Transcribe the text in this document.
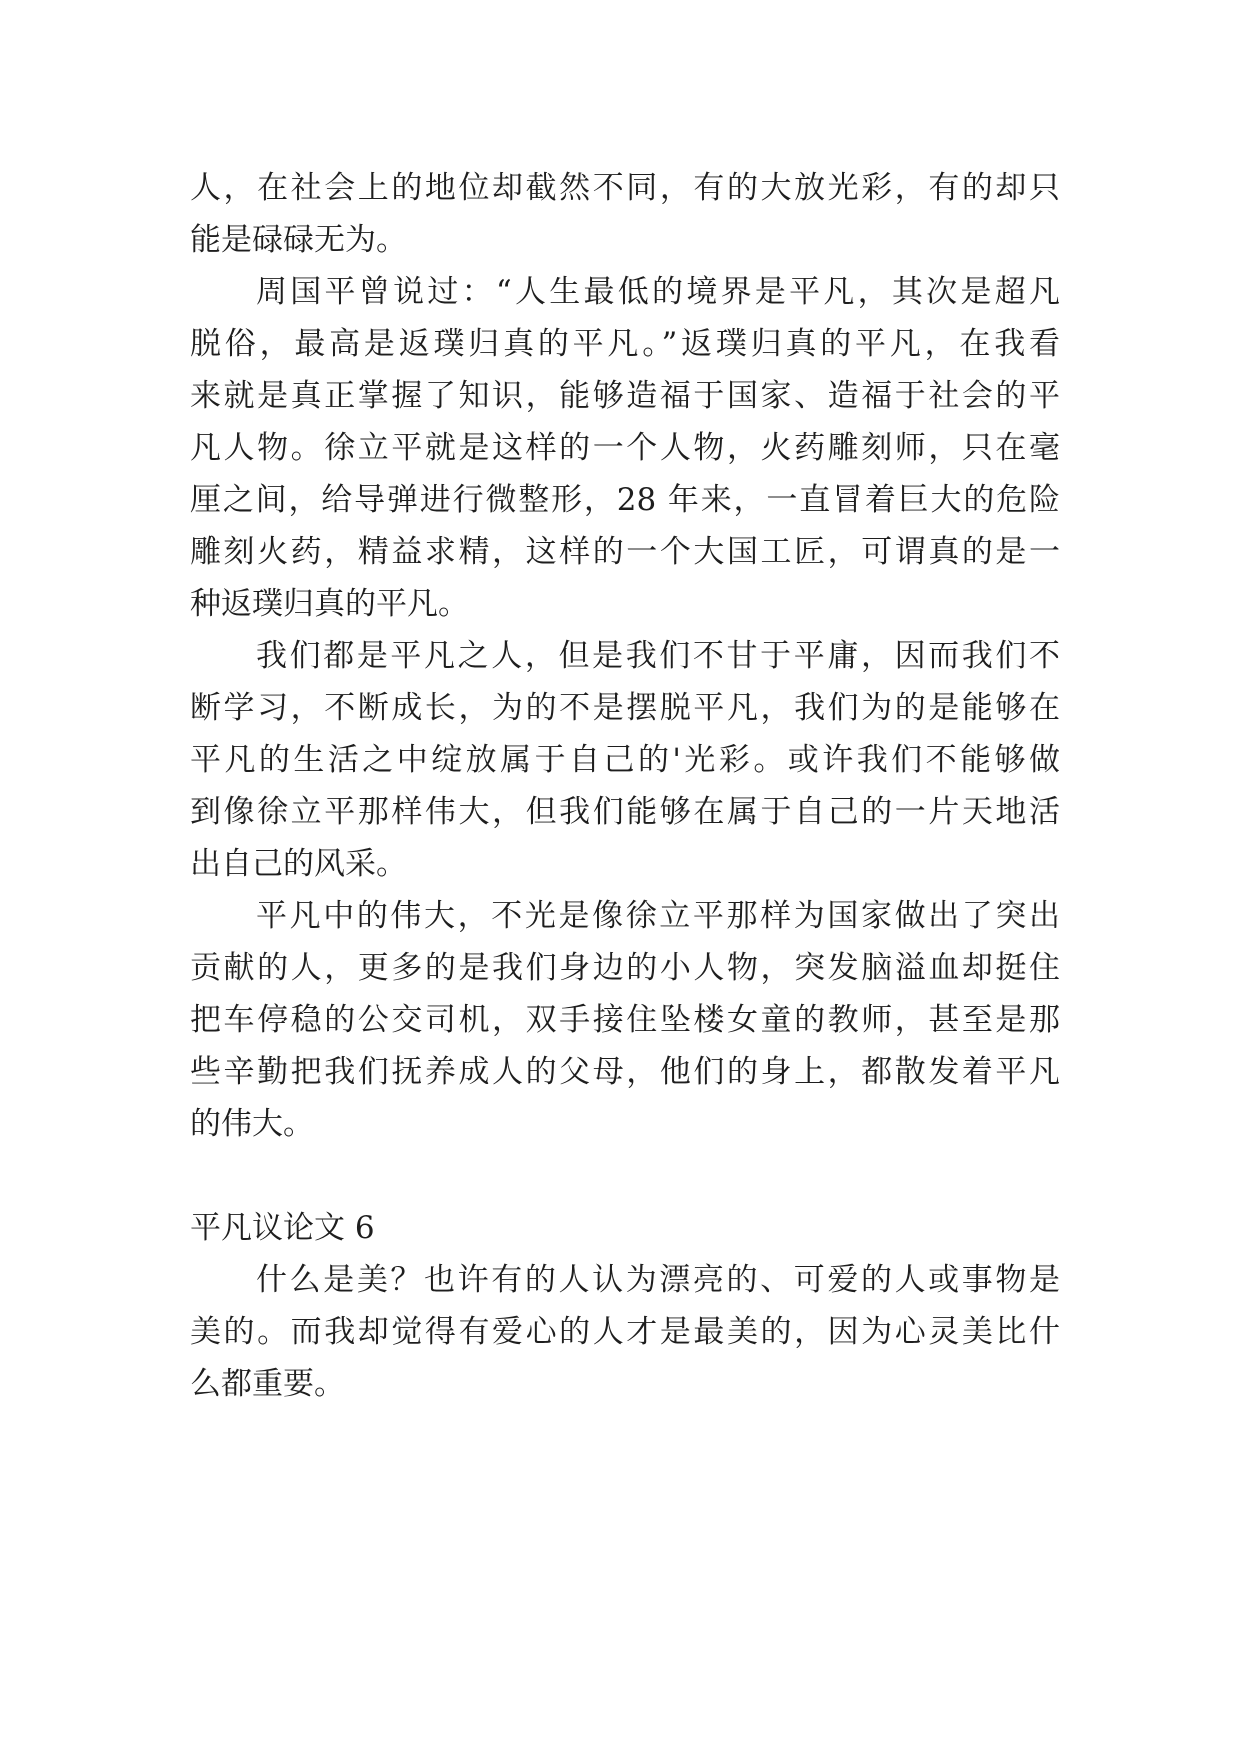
人，在社会上的地位却截然不同，有的大放光彩，有的却只
能是碌碌无为。
周国平曾说过：“人生最低的境界是平凡，其次是超凡
脱俗，最高是返璞归真的平凡。”返璞归真的平凡，在我看
来就是真正掌握了知识，能够造福于国家、造福于社会的平
凡人物。徐立平就是这样的一个人物，火药雕刻师，只在毫
厘之间，给导弹进行微整形，28 年来，一直冒着巨大的危险
雕刻火药，精益求精，这样的一个大国工匠，可谓真的是一
种返璞归真的平凡。
我们都是平凡之人，但是我们不甘于平庸，因而我们不
断学习，不断成长，为的不是摆脱平凡，我们为的是能够在
平凡的生活之中绽放属于自己的'光彩。或许我们不能够做
到像徐立平那样伟大，但我们能够在属于自己的一片天地活
出自己的风采。
平凡中的伟大，不光是像徐立平那样为国家做出了突出
贡献的人，更多的是我们身边的小人物，突发脑溢血却挺住
把车停稳的公交司机，双手接住坠楼女童的教师，甚至是那
些辛勤把我们抚养成人的父母，他们的身上，都散发着平凡
的伟大。
平凡议论文 6
什么是美？也许有的人认为漂亮的、可爱的人或事物是
美的。而我却觉得有爱心的人才是最美的，因为心灵美比什
么都重要。
